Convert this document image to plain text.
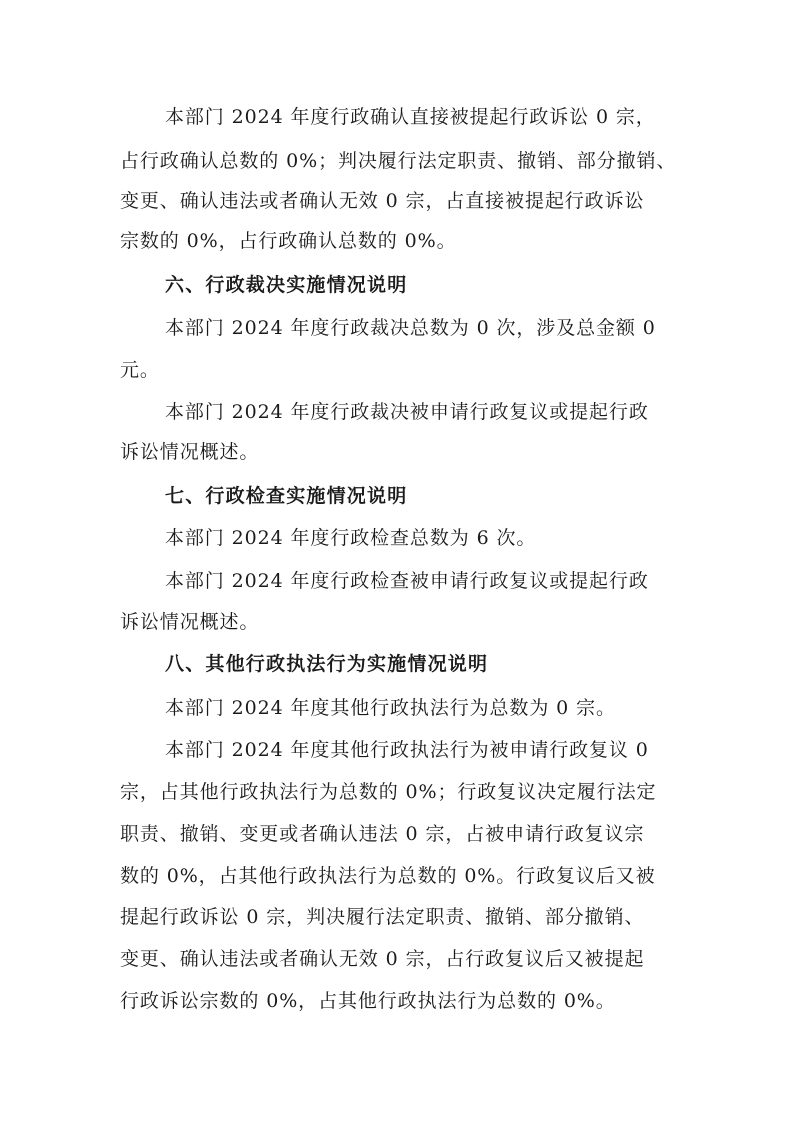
本部门 2024 年度行政确认直接被提起行政诉讼 0 宗，
占行政确认总数的 0%；判决履行法定职责、撤销、部分撤销、
变更、确认违法或者确认无效 0 宗，占直接被提起行政诉讼
宗数的 0%，占行政确认总数的 0%。
六、行政裁决实施情况说明
本部门 2024 年度行政裁决总数为 0 次，涉及总金额 0
元。
本部门 2024 年度行政裁决被申请行政复议或提起行政
诉讼情况概述。
七、行政检查实施情况说明
本部门 2024 年度行政检查总数为 6 次。
本部门 2024 年度行政检查被申请行政复议或提起行政
诉讼情况概述。
八、其他行政执法行为实施情况说明
本部门 2024 年度其他行政执法行为总数为 0 宗。
本部门 2024 年度其他行政执法行为被申请行政复议 0
宗，占其他行政执法行为总数的 0%；行政复议决定履行法定
职责、撤销、变更或者确认违法 0 宗，占被申请行政复议宗
数的 0%，占其他行政执法行为总数的 0%。行政复议后又被
提起行政诉讼 0 宗，判决履行法定职责、撤销、部分撤销、
变更、确认违法或者确认无效 0 宗，占行政复议后又被提起
行政诉讼宗数的 0%，占其他行政执法行为总数的 0%。
